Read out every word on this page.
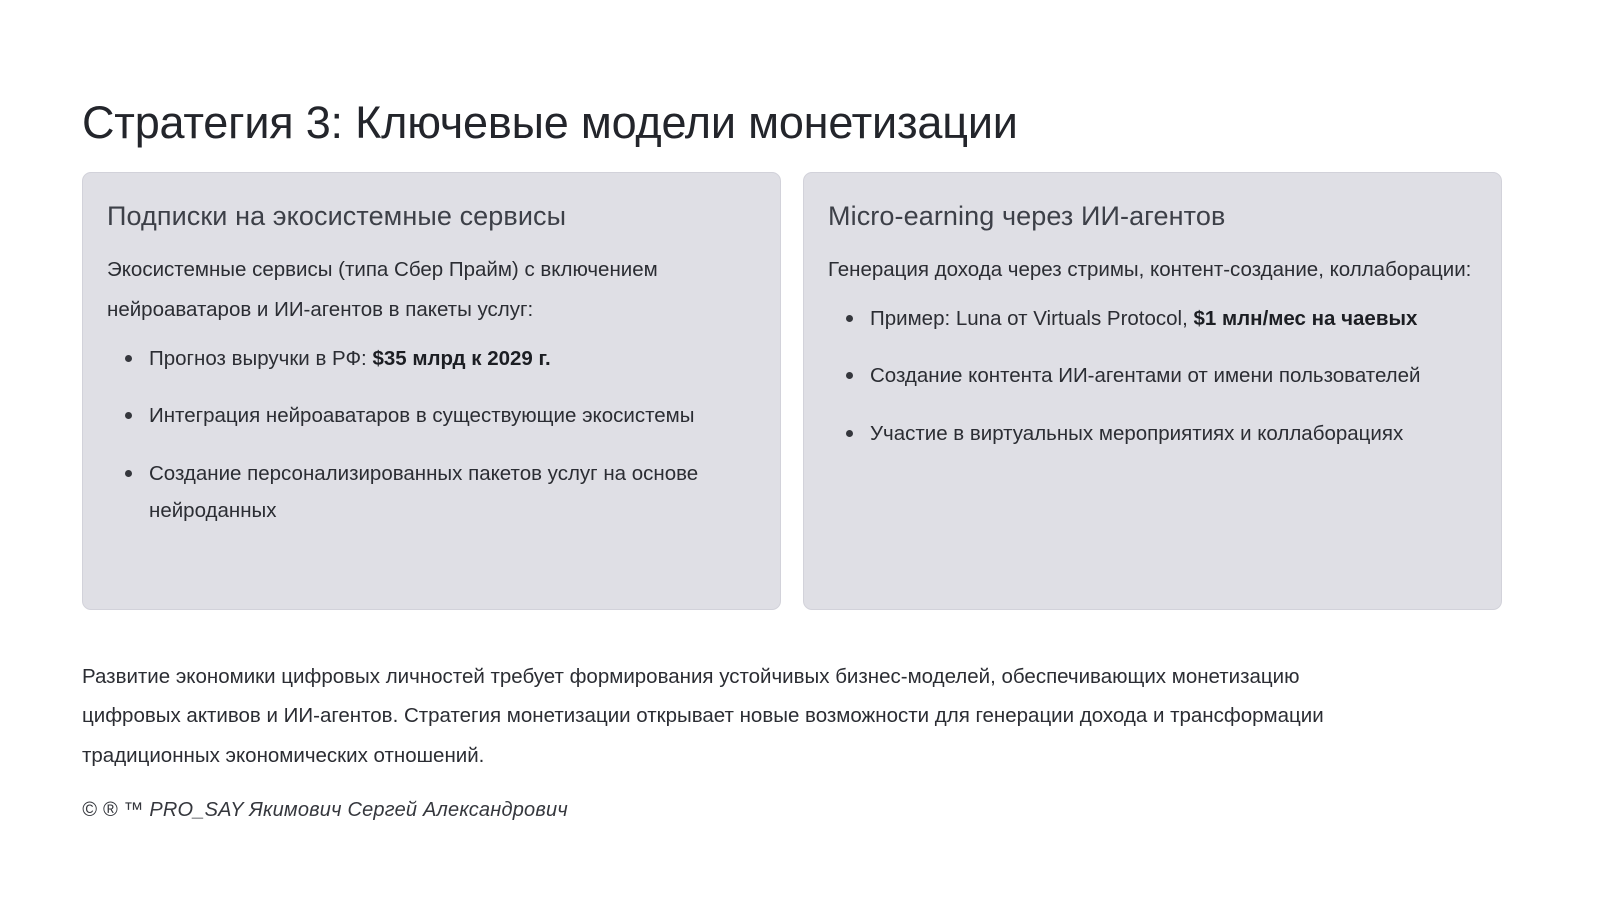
Стратегия 3: Ключевые модели монетизации
Подписки на экосистемные сервисы

Экосистемные сервисы (типа Сбер Прайм) с включением нейроаватаров и ИИ-агентов в пакеты услуг:

Прогноз выручки в РФ: $35 млрд к 2029 г.
Интеграция нейроаватаров в существующие экосистемы
Создание персонализированных пакетов услуг на основе нейроданных
Micro-earning через ИИ-агентов

Генерация дохода через стримы, контент-создание, коллаборации:

Пример: Luna от Virtuals Protocol, $1 млн/мес на чаевых
Создание контента ИИ-агентами от имени пользователей
Участие в виртуальных мероприятиях и коллаборациях

Развитие экономики цифровых личностей требует формирования устойчивых бизнес-моделей, обеспечивающих монетизацию цифровых активов и ИИ-агентов. Стратегия монетизации открывает новые возможности для генерации дохода и трансформации традиционных экономических отношений.

© ® ™ PRO_SAY Якимович Сергей Александрович
